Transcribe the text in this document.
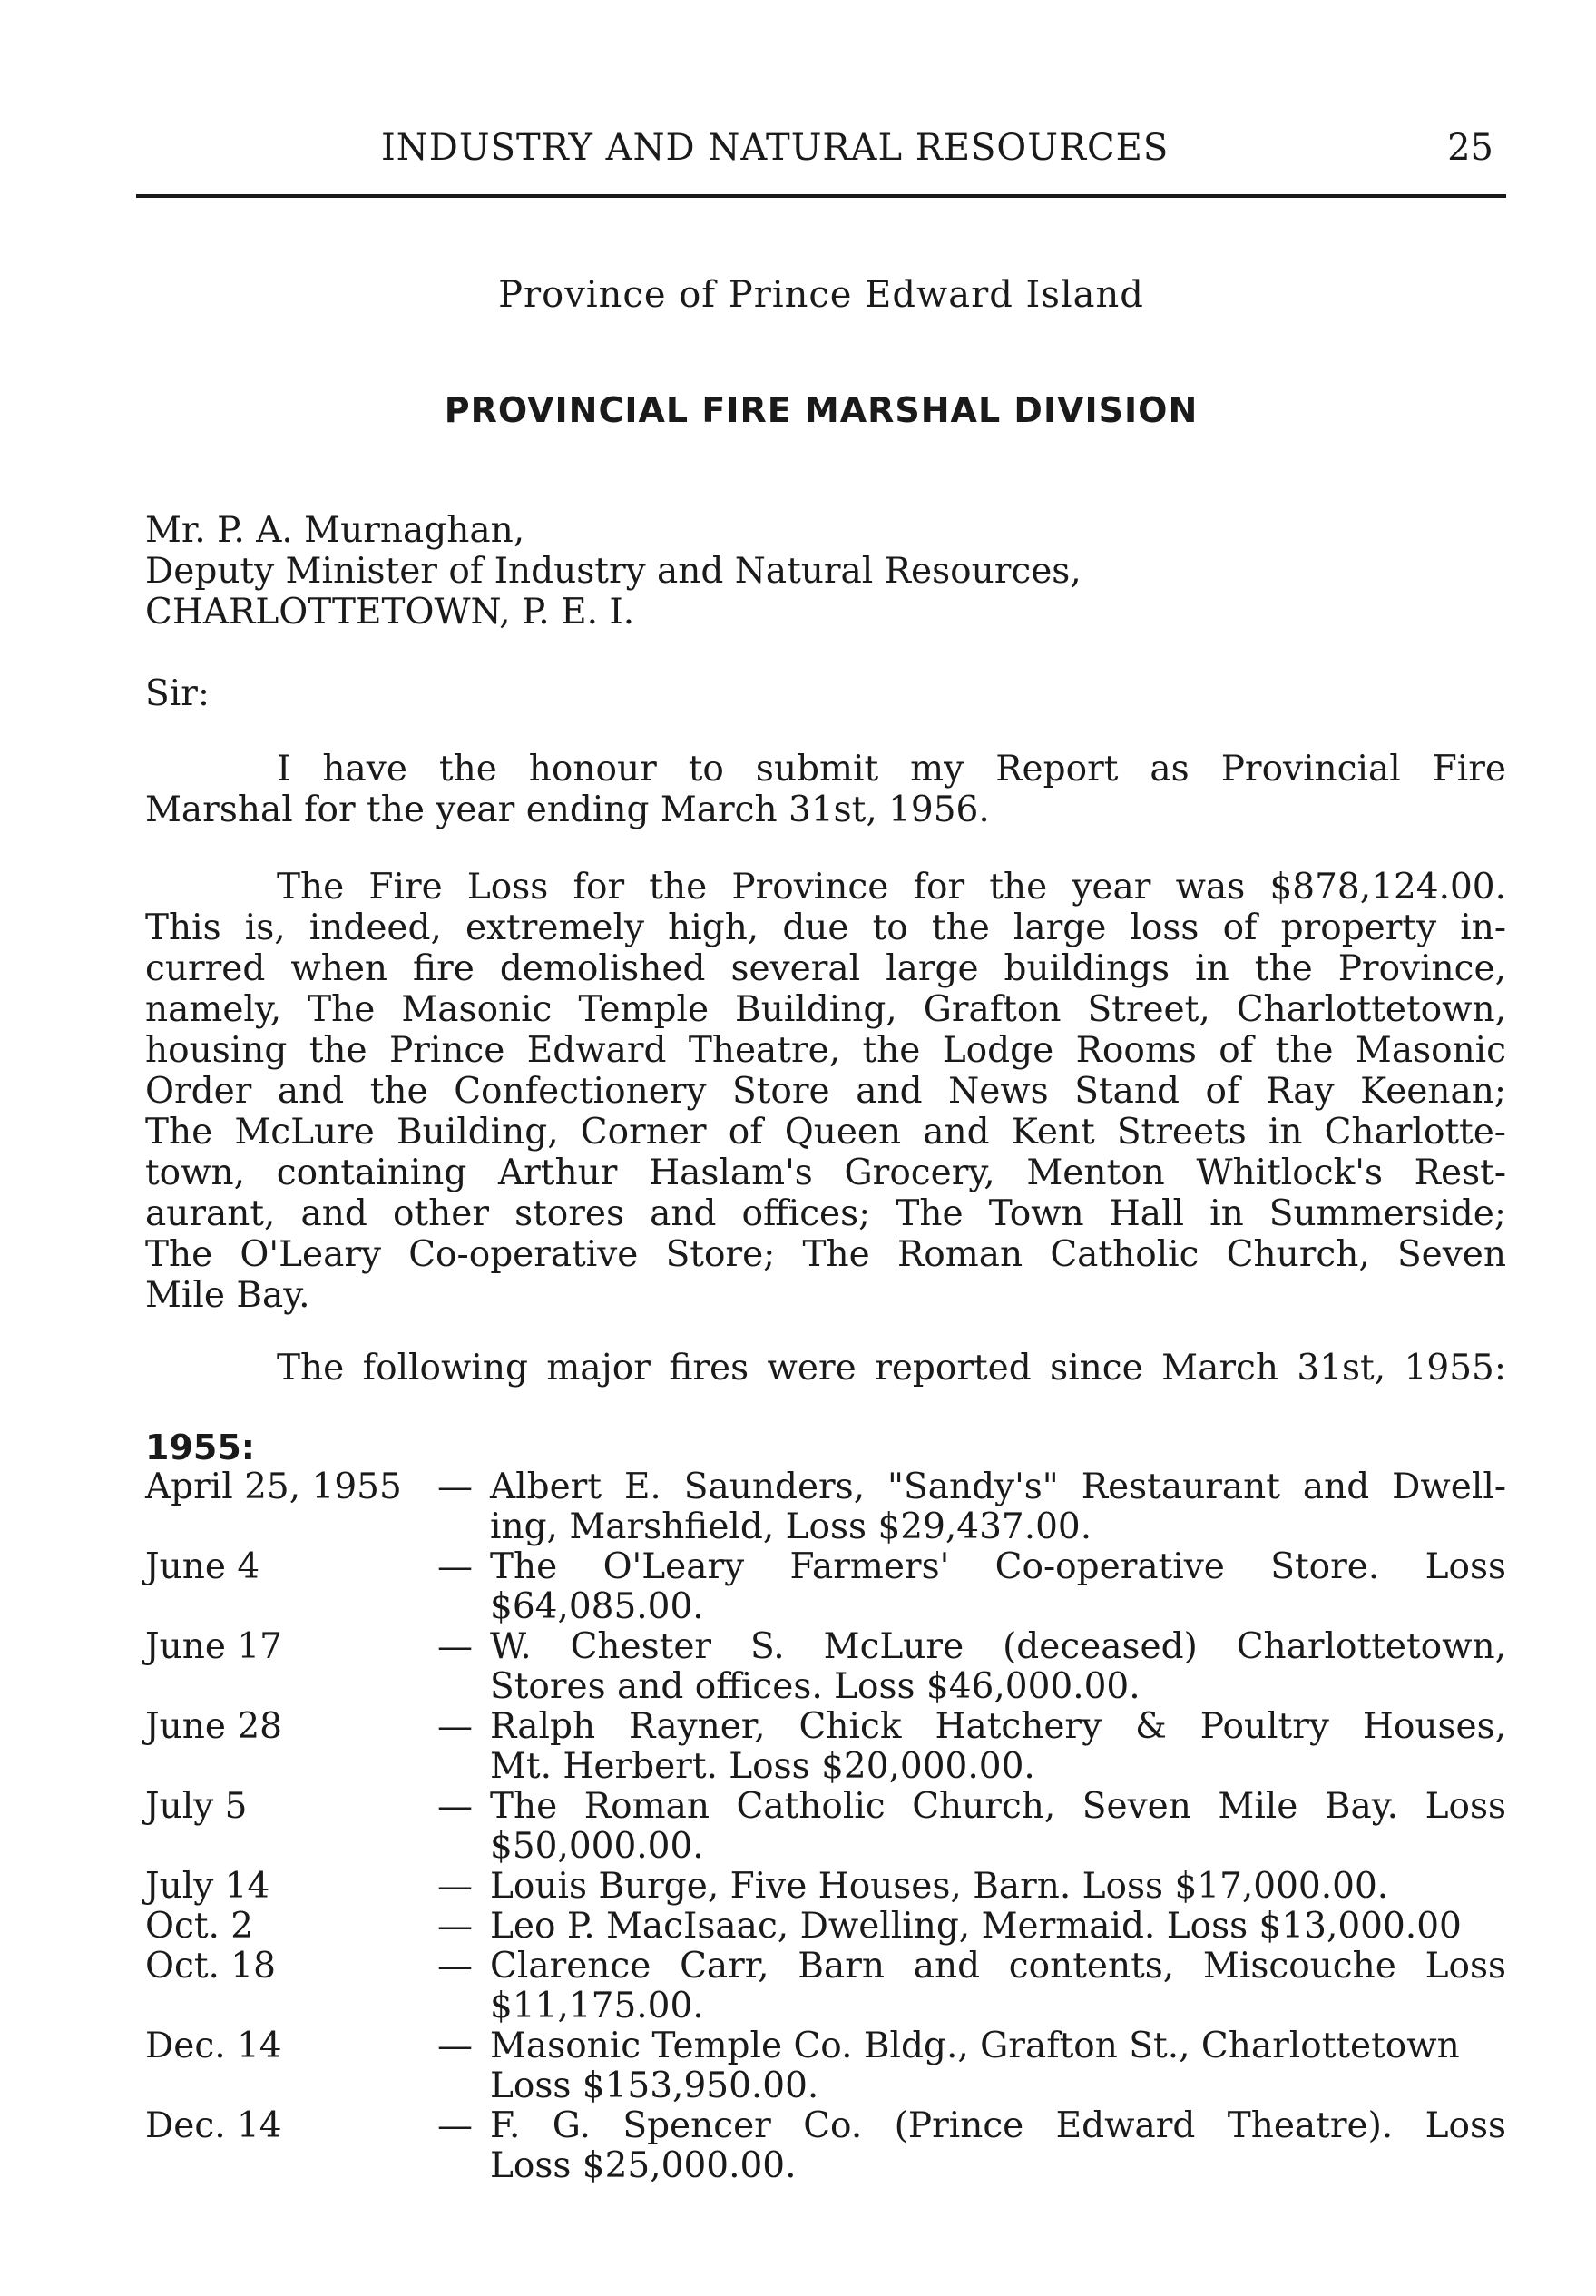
INDUSTRY AND NATURAL RESOURCES	25
Province of Prince Edward Island
PROVINCIAL FIRE MARSHAL DIVISION
Mr. P. A. Murnaghan,
Deputy Minister of Industry and Natural Resources,
CHARLOTTETOWN, P. E. I.
Sir:
I have the honour to submit my Report as Provincial Fire
Marshal for the year ending March 31st, 1956.
The Fire Loss for the Province for the year was $878,124.00.
This is, indeed, extremely high, due to the large loss of property in-
curred when fire demolished several large buildings in the Province,
namely, The Masonic Temple Building, Grafton Street, Charlottetown,
housing the Prince Edward Theatre, the Lodge Rooms of the Masonic
Order and the Confectionery Store and News Stand of Ray Keenan;
The McLure Building, Corner of Queen and Kent Streets in Charlotte-
town, containing Arthur Haslam's Grocery, Menton Whitlock's Rest-
aurant, and other stores and offices; The Town Hall in Summerside;
The O'Leary Co-operative Store; The Roman Catholic Church, Seven
Mile Bay.
The following major fires were reported since March 31st, 1955:
1955:
April 25, 1955 — Albert E. Saunders, "Sandy's" Restaurant and Dwell-
ing, Marshfield, Loss $29,437.00.
June 4	— The O'Leary Farmers' Co-operative Store. Loss
$64,085.00.
June 17	— W. Chester S. McLure (deceased) Charlottetown,
Stores and offices. Loss $46,000.00.
June 28	— Ralph Rayner, Chick Hatchery & Poultry Houses,
Mt. Herbert. Loss $20,000.00.
July 5	— The Roman Catholic Church, Seven Mile Bay. Loss
$50,000.00.
July 14	— Louis Burge, Five Houses, Barn. Loss $17,000.00.
Oct. 2	— Leo P. MacIsaac, Dwelling, Mermaid. Loss $13,000.00
Oct. 18	— Clarence Carr, Barn and contents, Miscouche Loss
$11,175.00.
Dec. 14	— Masonic Temple Co. Bldg., Grafton St., Charlottetown
Loss $153,950.00.
Dec. 14	— F. G. Spencer Co. (Prince Edward Theatre). Loss
Loss $25,000.00.
